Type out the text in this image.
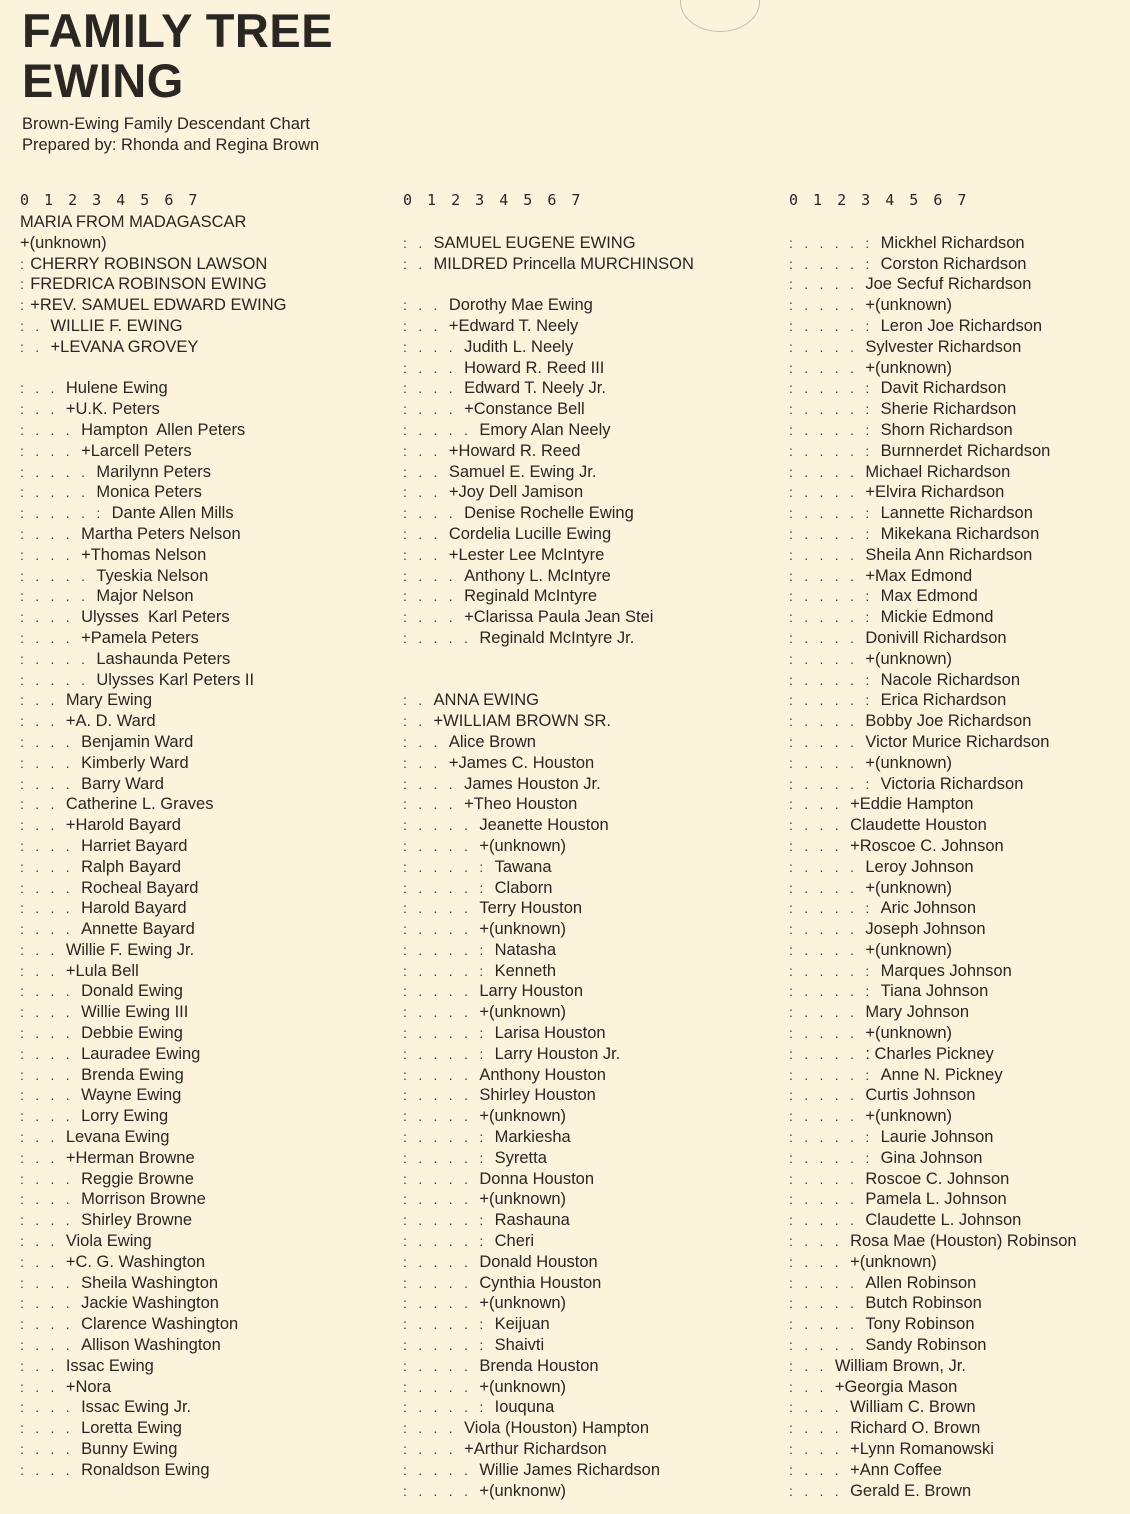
FAMILY TREE
EWING
Brown-Ewing Family Descendant Chart
Prepared by: Rhonda and Regina Brown
0 1 2 3 4 5 6 7
MARIA FROM MADAGASCAR
+(unknown)
: CHERRY ROBINSON LAWSON
: FREDRICA ROBINSON EWING
: +REV. SAMUEL EDWARD EWING
:  .  WILLIE F. EWING
:  .  +LEVANA GROVEY
:  .  .  Hulene Ewing
:  .  .  +U.K. Peters
:  .  .  .  Hampton  Allen Peters
:  .  .  .  +Larcell Peters
:  .  .  .  .  Marilynn Peters
:  .  .  .  .  Monica Peters
:  .  .  .  .  :  Dante Allen Mills
:  .  .  .  Martha Peters Nelson
:  .  .  .  +Thomas Nelson
:  .  .  .  .  Tyeskia Nelson
:  .  .  .  .  Major Nelson
:  .  .  .  Ulysses  Karl Peters
:  .  .  .  +Pamela Peters
:  .  .  .  .  Lashaunda Peters
:  .  .  .  .  Ulysses Karl Peters II
:  .  .  Mary Ewing
:  .  .  +A. D. Ward
:  .  .  .  Benjamin Ward
:  .  .  .  Kimberly Ward
:  .  .  .  Barry Ward
:  .  .  Catherine L. Graves
:  .  .  +Harold Bayard
:  .  .  .  Harriet Bayard
:  .  .  .  Ralph Bayard
:  .  .  .  Rocheal Bayard
:  .  .  .  Harold Bayard
:  .  .  .  Annette Bayard
:  .  .  Willie F. Ewing Jr.
:  .  .  +Lula Bell
:  .  .  .  Donald Ewing
:  .  .  .  Willie Ewing III
:  .  .  .  Debbie Ewing
:  .  .  .  Lauradee Ewing
:  .  .  .  Brenda Ewing
:  .  .  .  Wayne Ewing
:  .  .  .  Lorry Ewing
:  .  .  Levana Ewing
:  .  .  +Herman Browne
:  .  .  .  Reggie Browne
:  .  .  .  Morrison Browne
:  .  .  .  Shirley Browne
:  .  .  Viola Ewing
:  .  .  +C. G. Washington
:  .  .  .  Sheila Washington
:  .  .  .  Jackie Washington
:  .  .  .  Clarence Washington
:  .  .  .  Allison Washington
:  .  .  Issac Ewing
:  .  .  +Nora
:  .  .  .  Issac Ewing Jr.
:  .  .  .  Loretta Ewing
:  .  .  .  Bunny Ewing
:  .  .  .  Ronaldson Ewing
0 1 2 3 4 5 6 7
:  .  SAMUEL EUGENE EWING
:  .  MILDRED Princella MURCHINSON
:  .  .  Dorothy Mae Ewing
:  .  .  +Edward T. Neely
:  .  .  .  Judith L. Neely
:  .  .  .  Howard R. Reed III
:  .  .  .  Edward T. Neely Jr.
:  .  .  .  +Constance Bell
:  .  .  .  .  Emory Alan Neely
:  .  .  +Howard R. Reed
:  .  .  Samuel E. Ewing Jr.
:  .  .  +Joy Dell Jamison
:  .  .  .  Denise Rochelle Ewing
:  .  .  Cordelia Lucille Ewing
:  .  .  +Lester Lee McIntyre
:  .  .  .  Anthony L. McIntyre
:  .  .  .  Reginald McIntyre
:  .  .  .  +Clarissa Paula Jean Stei
:  .  .  .  .  Reginald McIntyre Jr.
:  .  ANNA EWING
:  .  +WILLIAM BROWN SR.
:  .  .  Alice Brown
:  .  .  +James C. Houston
:  .  .  .  James Houston Jr.
:  .  .  .  +Theo Houston
:  .  .  .  .  Jeanette Houston
:  .  .  .  .  +(unknown)
:  .  .  .  .  :  Tawana
:  .  .  .  .  :  Claborn
:  .  .  .  .  Terry Houston
:  .  .  .  .  +(unknown)
:  .  .  .  .  :  Natasha
:  .  .  .  .  :  Kenneth
:  .  .  .  .  Larry Houston
:  .  .  .  .  +(unknown)
:  .  .  .  .  :  Larisa Houston
:  .  .  .  .  :  Larry Houston Jr.
:  .  .  .  .  Anthony Houston
:  .  .  .  .  Shirley Houston
:  .  .  .  .  +(unknown)
:  .  .  .  .  :  Markiesha
:  .  .  .  .  :  Syretta
:  .  .  .  .  Donna Houston
:  .  .  .  .  +(unknown)
:  .  .  .  .  :  Rashauna
:  .  .  .  .  :  Cheri
:  .  .  .  .  Donald Houston
:  .  .  .  .  Cynthia Houston
:  .  .  .  .  +(unknown)
:  .  .  .  .  :  Keijuan
:  .  .  .  .  :  Shaivti
:  .  .  .  .  Brenda Houston
:  .  .  .  .  +(unknown)
:  .  .  .  .  :  Iouquna
:  .  .  .  Viola (Houston) Hampton
:  .  .  .  +Arthur Richardson
:  .  .  .  .  Willie James Richardson
:  .  .  .  .  +(unknonw)
0 1 2 3 4 5 6 7
:  .  .  .  .  :  Mickhel Richardson
:  .  .  .  .  :  Corston Richardson
:  .  .  .  .  Joe Secfuf Richardson
:  .  .  .  .  +(unknown)
:  .  .  .  .  :  Leron Joe Richardson
:  .  .  .  .  Sylvester Richardson
:  .  .  .  .  +(unknown)
:  .  .  .  .  :  Davit Richardson
:  .  .  .  .  :  Sherie Richardson
:  .  .  .  .  :  Shorn Richardson
:  .  .  .  .  :  Burnnerdet Richardson
:  .  .  .  .  Michael Richardson
:  .  .  .  .  +Elvira Richardson
:  .  .  .  .  :  Lannette Richardson
:  .  .  .  .  :  Mikekana Richardson
:  .  .  .  .  Sheila Ann Richardson
:  .  .  .  .  +Max Edmond
:  .  .  .  .  :  Max Edmond
:  .  .  .  .  :  Mickie Edmond
:  .  .  .  .  Donivill Richardson
:  .  .  .  .  +(unknown)
:  .  .  .  .  :  Nacole Richardson
:  .  .  .  .  :  Erica Richardson
:  .  .  .  .  Bobby Joe Richardson
:  .  .  .  .  Victor Murice Richardson
:  .  .  .  .  +(unknown)
:  .  .  .  .  :  Victoria Richardson
:  .  .  .  +Eddie Hampton
:  .  .  .  Claudette Houston
:  .  .  .  +Roscoe C. Johnson
:  .  .  .  .  Leroy Johnson
:  .  .  .  .  +(unknown)
:  .  .  .  .  :  Aric Johnson
:  .  .  .  .  Joseph Johnson
:  .  .  .  .  +(unknown)
:  .  .  .  .  :  Marques Johnson
:  .  .  .  .  :  Tiana Johnson
:  .  .  .  .  Mary Johnson
:  .  .  .  .  +(unknown)
:  .  .  .  .  : Charles Pickney
:  .  .  .  .  :  Anne N. Pickney
:  .  .  .  .  Curtis Johnson
:  .  .  .  .  +(unknown)
:  .  .  .  .  :  Laurie Johnson
:  .  .  .  .  :  Gina Johnson
:  .  .  .  .  Roscoe C. Johnson
:  .  .  .  .  Pamela L. Johnson
:  .  .  .  .  Claudette L. Johnson
:  .  .  .  Rosa Mae (Houston) Robinson
:  .  .  .  +(unknown)
:  .  .  .  .  Allen Robinson
:  .  .  .  .  Butch Robinson
:  .  .  .  .  Tony Robinson
:  .  .  .  .  Sandy Robinson
:  .  .  William Brown, Jr.
:  .  .  +Georgia Mason
:  .  .  .  William C. Brown
:  .  .  .  Richard O. Brown
:  .  .  .  +Lynn Romanowski
:  .  .  .  +Ann Coffee
:  .  .  .  Gerald E. Brown
